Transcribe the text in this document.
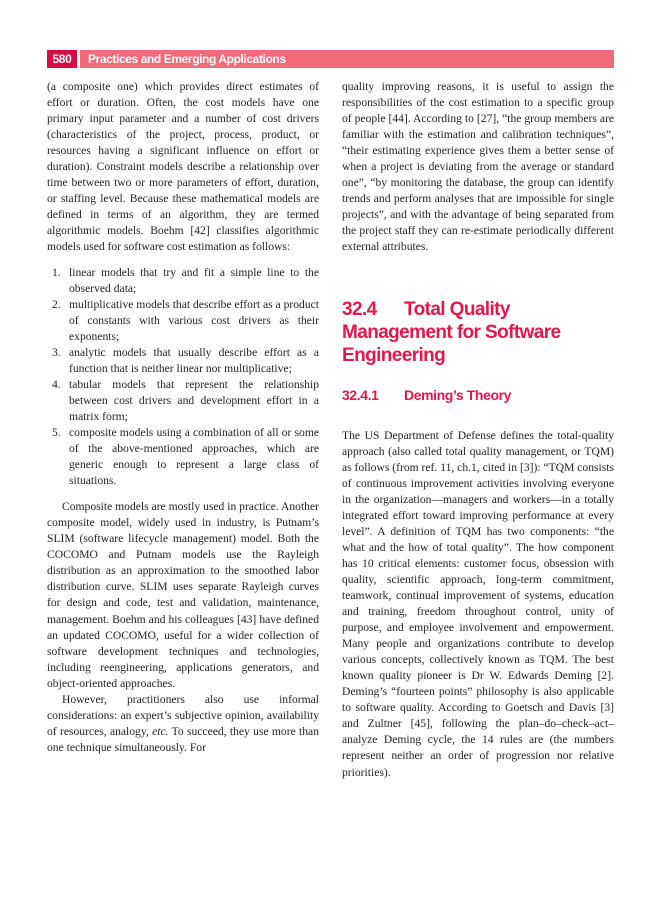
580	Practices and Emerging Applications

(a composite one) which provides direct estimates of effort or duration. Often, the cost models have one primary input parameter and a number of cost drivers (characteristics of the project, process, product, or resources having a significant influence on effort or duration). Constraint models describe a relationship over time between two or more parameters of effort, duration, or staffing level. Because these mathematical models are defined in terms of an algorithm, they are termed algorithmic models. Boehm [42] classifies algorithmic models used for software cost estimation as follows:

1. linear models that try and fit a simple line to the observed data;
2. multiplicative models that describe effort as a product of constants with various cost drivers as their exponents;
3. analytic models that usually describe effort as a function that is neither linear nor multiplicative;
4. tabular models that represent the relationship between cost drivers and development effort in a matrix form;
5. composite models using a combination of all or some of the above-mentioned approaches, which are generic enough to represent a large class of situations.

Composite models are mostly used in practice. Another composite model, widely used in industry, is Putnam’s SLIM (software lifecycle management) model. Both the COCOMO and Putnam models use the Rayleigh distribution as an approximation to the smoothed labor distribution curve. SLIM uses separate Rayleigh curves for design and code, test and validation, maintenance, management. Boehm and his colleagues [43] have defined an updated COCOMO, useful for a wider collection of software development techniques and technologies, including reengineering, applications generators, and object-oriented approaches.

However, practitioners also use informal considerations: an expert’s subjective opinion, availability of resources, analogy, etc. To succeed, they use more than one technique simultaneously. For

quality improving reasons, it is useful to assign the responsibilities of the cost estimation to a specific group of people [44]. According to [27], “the group members are familiar with the estimation and calibration techniques”, “their estimating experience gives them a better sense of when a project is deviating from the average or standard one”, “by monitoring the database, the group can identify trends and perform analyses that are impossible for single projects”, and with the advantage of being separated from the project staff they can re-estimate periodically different external attributes.

32.4 Total Quality Management for Software Engineering
32.4.1 Deming’s Theory

The US Department of Defense defines the total-quality approach (also called total quality management, or TQM) as follows (from ref. 11, ch.1, cited in [3]): “TQM consists of continuous improvement activities involving everyone in the organization—managers and workers—in a totally integrated effort toward improving performance at every level”. A definition of TQM has two components: “the what and the how of total quality”. The how component has 10 critical elements: customer focus, obsession with quality, scientific approach, long-term commitment, teamwork, continual improvement of systems, education and training, freedom throughout control, unity of purpose, and employee involvement and empowerment. Many people and organizations contribute to develop various concepts, collectively known as TQM. The best known quality pioneer is Dr W. Edwards Deming [2]. Deming’s “fourteen points” philosophy is also applicable to software quality. According to Goetsch and Davis [3] and Zultner [45], following the plan–do–check–act–analyze Deming cycle, the 14 rules are (the numbers represent neither an order of progression nor relative priorities).
